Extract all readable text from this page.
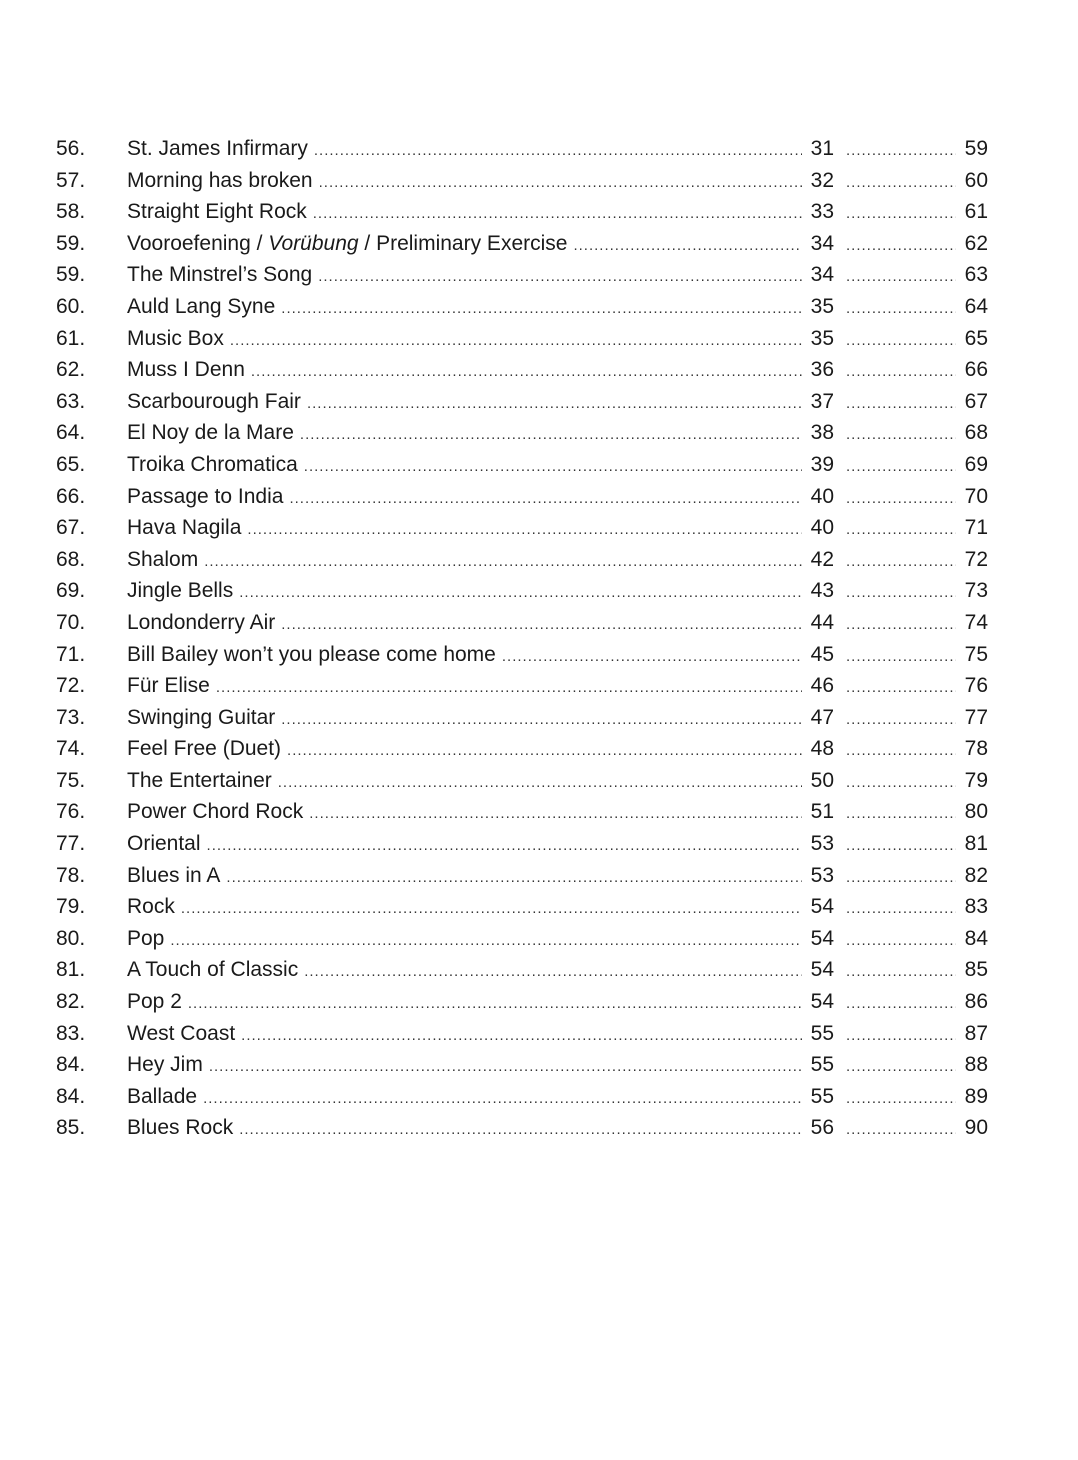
56.	St. James Infirmary .....	31 .....	59
57.	Morning has broken .....	32 .....	60
58.	Straight Eight Rock .....	33 .....	61
59.	Vooroefening / Vorübung / Preliminary Exercise .....	34 .....	62
59.	The Minstrel’s Song .....	34 .....	63
60.	Auld Lang Syne .....	35 .....	64
61.	Music Box .....	35 .....	65
62.	Muss I Denn .....	36 .....	66
63.	Scarbourough Fair .....	37 .....	67
64.	El Noy de la Mare .....	38 .....	68
65.	Troika Chromatica .....	39 .....	69
66.	Passage to India .....	40 .....	70
67.	Hava Nagila .....	40 .....	71
68.	Shalom .....	42 .....	72
69.	Jingle Bells .....	43 .....	73
70.	Londonderry Air .....	44 .....	74
71.	Bill Bailey won’t you please come home .....	45 .....	75
72.	Für Elise .....	46 .....	76
73.	Swinging Guitar .....	47 .....	77
74.	Feel Free (Duet) .....	48 .....	78
75.	The Entertainer .....	50 .....	79
76.	Power Chord Rock .....	51 .....	80
77.	Oriental .....	53 .....	81
78.	Blues in A .....	53 .....	82
79.	Rock .....	54 .....	83
80.	Pop .....	54 .....	84
81.	A Touch of Classic .....	54 .....	85
82.	Pop 2 .....	54 .....	86
83.	West Coast .....	55 .....	87
84.	Hey Jim .....	55 .....	88
84.	Ballade .....	55 .....	89
85.	Blues Rock .....	56 .....	90
